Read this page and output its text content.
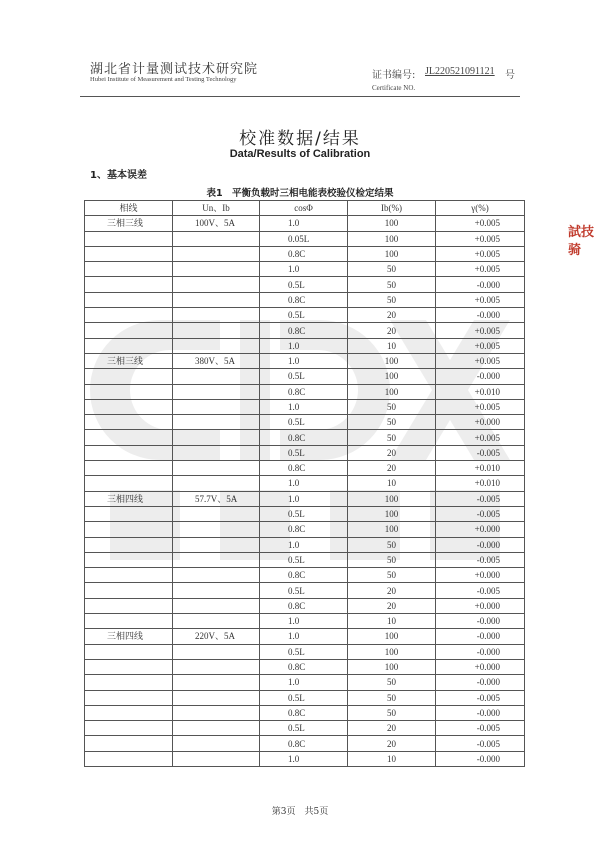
湖北省计量测试技术研究院
Hubei Institute of Measurement and Testing Technology	证书编号: JL220521091121 号
Certificate NO.
校准数据/结果
Data/Results of Calibration
1、基本误差
表1　平衡负载时三相电能表校验仪检定结果
相线	Un、Ib	cosΦ	Ib(%)	γ(%)
三相三线	100V、5A	1.0	100	+0.005
		0.05L	100	+0.005
		0.8C	100	+0.005
		1.0	50	+0.005
		0.5L	50	-0.000
		0.8C	50	+0.005
		0.5L	20	-0.000
		0.8C	20	+0.005
		1.0	10	+0.005
三相三线	380V、5A	1.0	100	+0.005
		0.5L	100	-0.000
		0.8C	100	+0.010
		1.0	50	+0.005
		0.5L	50	+0.000
		0.8C	50	+0.005
		0.5L	20	-0.005
		0.8C	20	+0.010
		1.0	10	+0.010
三相四线	57.7V、5A	1.0	100	-0.005
		0.5L	100	-0.005
		0.8C	100	+0.000
		1.0	50	-0.000
		0.5L	50	-0.005
		0.8C	50	+0.000
		0.5L	20	-0.005
		0.8C	20	+0.000
		1.0	10	-0.000
三相四线	220V、5A	1.0	100	-0.000
		0.5L	100	-0.000
		0.8C	100	+0.000
		1.0	50	-0.000
		0.5L	50	-0.005
		0.8C	50	-0.000
		0.5L	20	-0.005
		0.8C	20	-0.005
		1.0	10	-0.000
試技
骑
第3页　共5页
